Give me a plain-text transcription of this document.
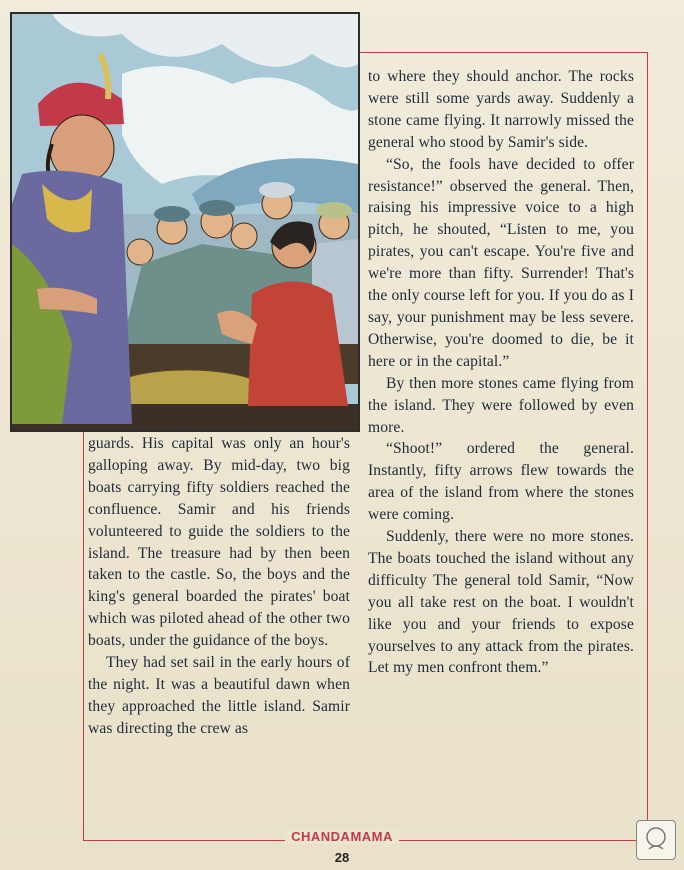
guards. His capital was only an hour's galloping away. By mid-day, two big boats carrying fifty soldiers reached the confluence. Samir and his friends volunteered to guide the soldiers to the island. The treasure had by then been taken to the castle. So, the boys and the king's general boarded the pirates' boat which was piloted ahead of the other two boats, under the guidance of the boys.

They had set sail in the early hours of the night. It was a beautiful dawn when they approached the little island. Samir was directing the crew as

to where they should anchor. The rocks were still some yards away. Suddenly a stone came flying. It narrowly missed the general who stood by Samir's side.

“So, the fools have decided to offer resistance!” observed the general. Then, raising his impressive voice to a high pitch, he shouted, “Listen to me, you pirates, you can't escape. You're five and we're more than fifty. Surrender! That's the only course left for you. If you do as I say, your punishment may be less severe. Otherwise, you're doomed to die, be it here or in the capital.”

By then more stones came flying from the island. They were followed by even more.

“Shoot!” ordered the general. Instantly, fifty arrows flew towards the area of the island from where the stones were coming.

Suddenly, there were no more stones. The boats touched the island without any difficulty The general told Samir, “Now you all take rest on the boat. I wouldn't like you and your friends to expose yourselves to any attack from the pirates. Let my men confront them.”

CHANDAMAMA
28
